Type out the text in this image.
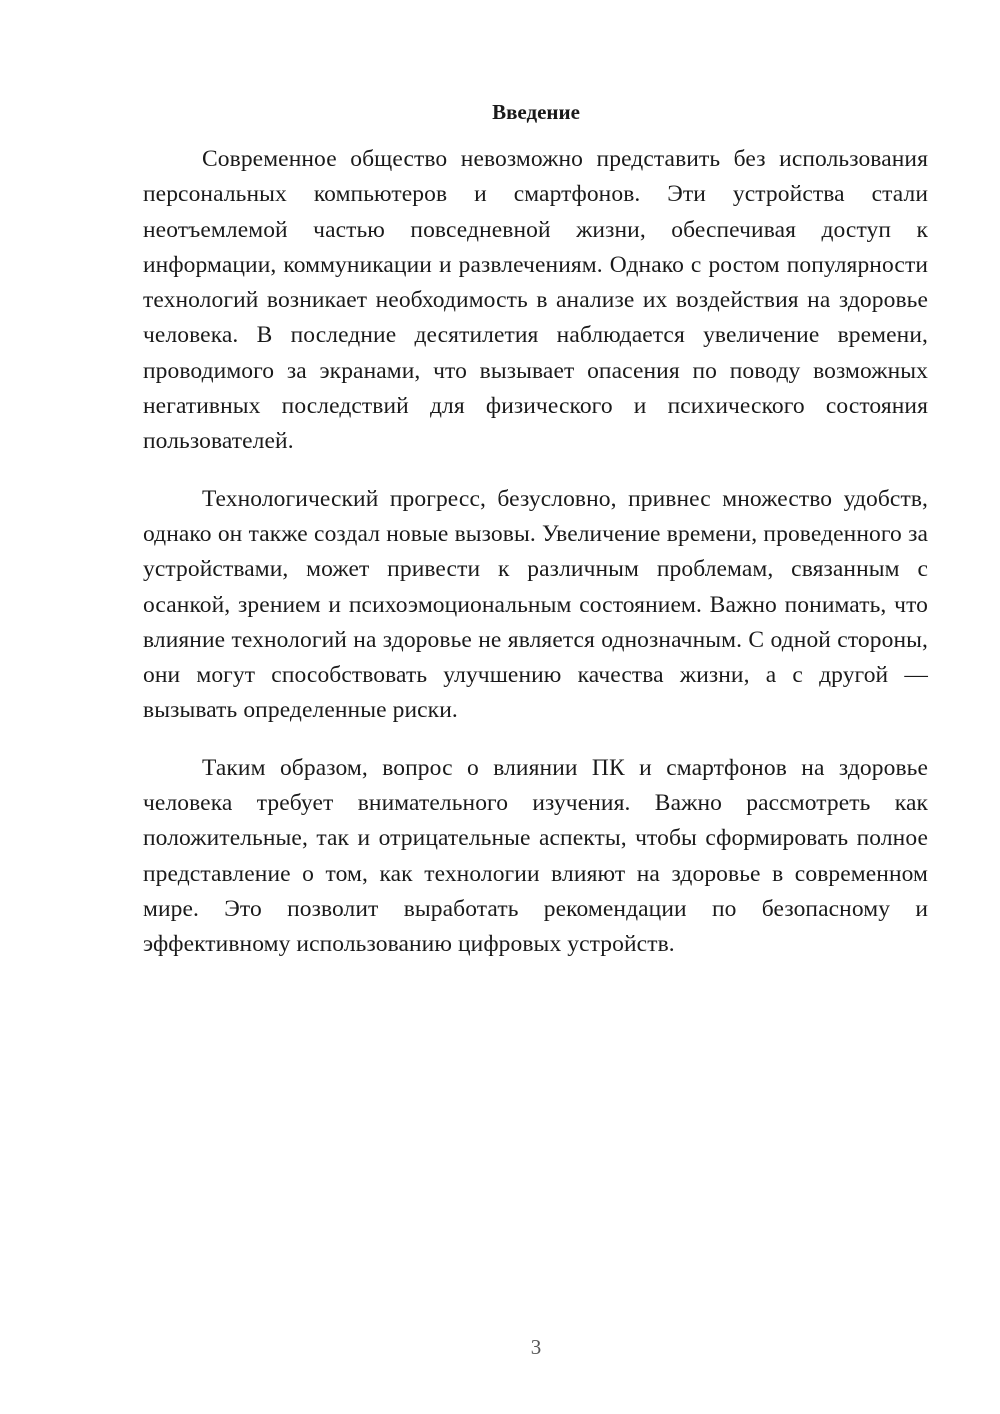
Введение

Современное общество невозможно представить без использования персональных компьютеров и смартфонов. Эти устройства стали неотъемлемой частью повседневной жизни, обеспечивая доступ к информации, коммуникации и развлечениям. Однако с ростом популярности технологий возникает необходимость в анализе их воздействия на здоровье человека. В последние десятилетия наблюдается увеличение времени, проводимого за экранами, что вызывает опасения по поводу возможных негативных последствий для физического и психического состояния пользователей.

Технологический прогресс, безусловно, привнес множество удобств, однако он также создал новые вызовы. Увеличение времени, проведенного за устройствами, может привести к различным проблемам, связанным с осанкой, зрением и психоэмоциональным состоянием. Важно понимать, что влияние технологий на здоровье не является однозначным. С одной стороны, они могут способствовать улучшению качества жизни, а с другой — вызывать определенные риски.

Таким образом, вопрос о влиянии ПК и смартфонов на здоровье человека требует внимательного изучения. Важно рассмотреть как положительные, так и отрицательные аспекты, чтобы сформировать полное представление о том, как технологии влияют на здоровье в современном мире. Это позволит выработать рекомендации по безопасному и эффективному использованию цифровых устройств.

3
